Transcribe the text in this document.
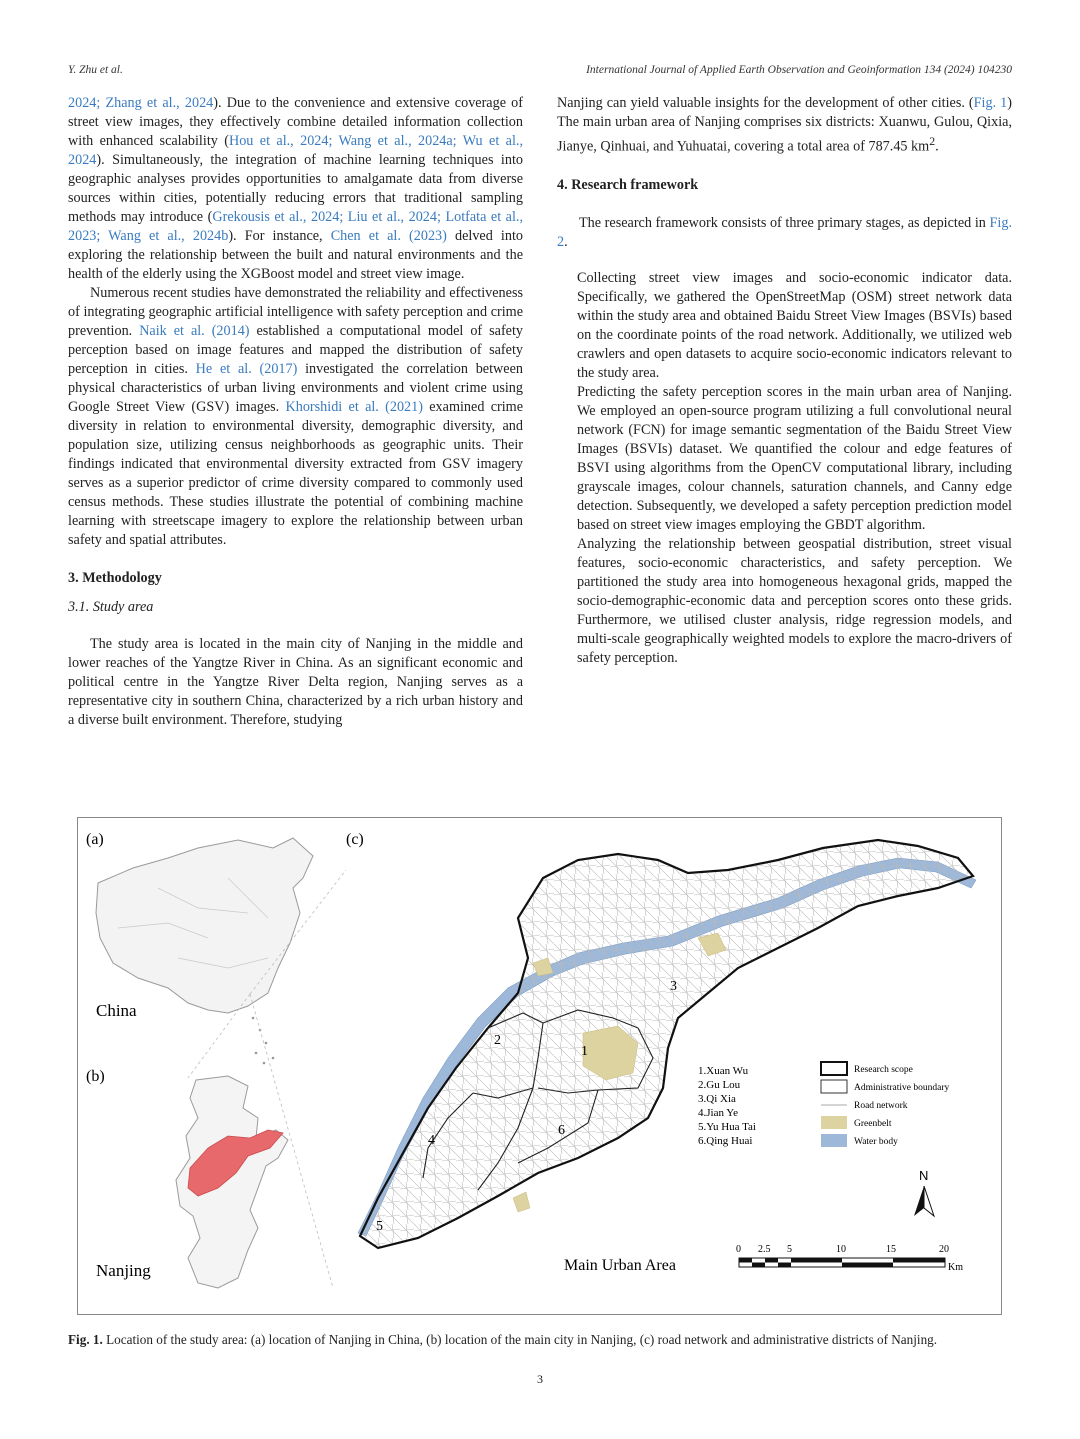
Y. Zhu et al.	International Journal of Applied Earth Observation and Geoinformation 134 (2024) 104230

2024; Zhang et al., 2024). Due to the convenience and extensive coverage of street view images, they effectively combine detailed information collection with enhanced scalability (Hou et al., 2024; Wang et al., 2024a; Wu et al., 2024). Simultaneously, the integration of machine learning techniques into geographic analyses provides opportunities to amalgamate data from diverse sources within cities, potentially reducing errors that traditional sampling methods may introduce (Grekousis et al., 2024; Liu et al., 2024; Lotfata et al., 2023; Wang et al., 2024b). For instance, Chen et al. (2023) delved into exploring the relationship between the built and natural environments and the health of the elderly using the XGBoost model and street view image.

Numerous recent studies have demonstrated the reliability and effectiveness of integrating geographic artificial intelligence with safety perception and crime prevention. Naik et al. (2014) established a computational model of safety perception based on image features and mapped the distribution of safety perception in cities. He et al. (2017) investigated the correlation between physical characteristics of urban living environments and violent crime using Google Street View (GSV) images. Khorshidi et al. (2021) examined crime diversity in relation to environmental diversity, demographic diversity, and population size, utilizing census neighborhoods as geographic units. Their findings indicated that environmental diversity extracted from GSV imagery serves as a superior predictor of crime diversity compared to commonly used census methods. These studies illustrate the potential of combining machine learning with streetscape imagery to explore the relationship between urban safety and spatial attributes.

3. Methodology

3.1. Study area

The study area is located in the main city of Nanjing in the middle and lower reaches of the Yangtze River in China. As an significant economic and political centre in the Yangtze River Delta region, Nanjing serves as a representative city in southern China, characterized by a rich urban history and a diverse built environment. Therefore, studying

Nanjing can yield valuable insights for the development of other cities. (Fig. 1) The main urban area of Nanjing comprises six districts: Xuanwu, Gulou, Qixia, Jianye, Qinhuai, and Yuhuatai, covering a total area of 787.45 $km^2$.

4. Research framework

The research framework consists of three primary stages, as depicted in Fig. 2.

Collecting street view images and socio-economic indicator data. Specifically, we gathered the OpenStreetMap (OSM) street network data within the study area and obtained Baidu Street View Images (BSVIs) based on the coordinate points of the road network. Additionally, we utilized web crawlers and open datasets to acquire socio-economic indicators relevant to the study area.

Predicting the safety perception scores in the main urban area of Nanjing. We employed an open-source program utilizing a full convolutional neural network (FCN) for image semantic segmentation of the Baidu Street View Images (BSVIs) dataset. We quantified the colour and edge features of BSVI using algorithms from the OpenCV computational library, including grayscale images, colour channels, saturation channels, and Canny edge detection. Subsequently, we developed a safety perception prediction model based on street view images employing the GBDT algorithm.

Analyzing the relationship between geospatial distribution, street visual features, socio-economic characteristics, and safety perception. We partitioned the study area into homogeneous hexagonal grids, mapped the socio-demographic-economic data and perception scores onto these grids. Furthermore, we utilised cluster analysis, ridge regression models, and multi-scale geographically weighted models to explore the macro-drivers of safety perception.

(a)
China
(b)
Nanjing
(c)
1
2
3
4
5
6
1.Xuan Wu
2.Gu Lou
3.Qi Xia
4.Jian Ye
5.Yu Hua Tai
6.Qing Huai
Research scope
Administrative boundary
Road network
Greenbelt
Water body
N
0 2.5 5	10	15	20
Km
Main Urban Area
Fig. 1. Location of the study area: (a) location of Nanjing in China, (b) location of the main city in Nanjing, (c) road network and administrative districts of Nanjing.
3
